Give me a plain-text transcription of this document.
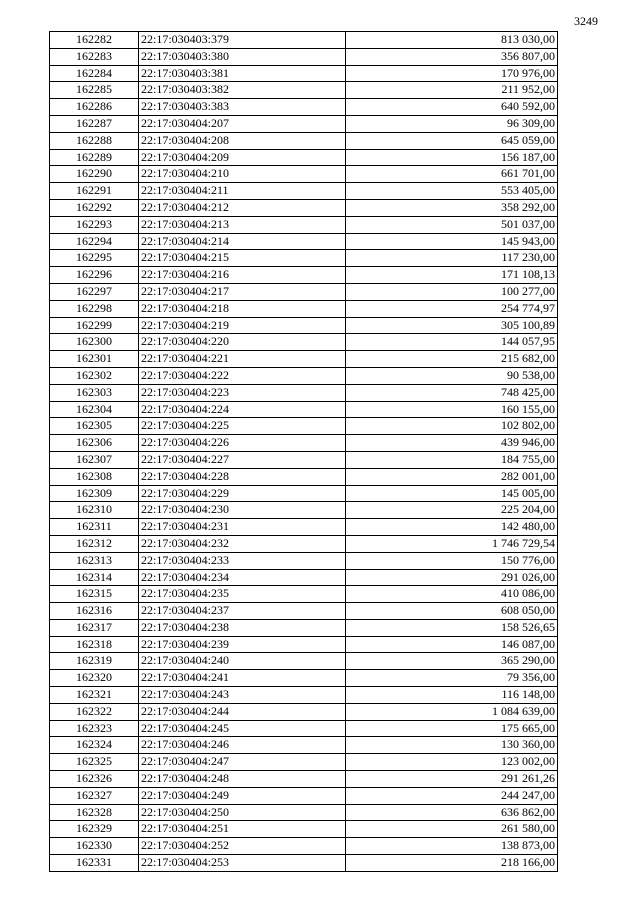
3249
162282	22:17:030403:379	813 030,00
162283	22:17:030403:380	356 807,00
162284	22:17:030403:381	170 976,00
162285	22:17:030403:382	211 952,00
162286	22:17:030403:383	640 592,00
162287	22:17:030404:207	96 309,00
162288	22:17:030404:208	645 059,00
162289	22:17:030404:209	156 187,00
162290	22:17:030404:210	661 701,00
162291	22:17:030404:211	553 405,00
162292	22:17:030404:212	358 292,00
162293	22:17:030404:213	501 037,00
162294	22:17:030404:214	145 943,00
162295	22:17:030404:215	117 230,00
162296	22:17:030404:216	171 108,13
162297	22:17:030404:217	100 277,00
162298	22:17:030404:218	254 774,97
162299	22:17:030404:219	305 100,89
162300	22:17:030404:220	144 057,95
162301	22:17:030404:221	215 682,00
162302	22:17:030404:222	90 538,00
162303	22:17:030404:223	748 425,00
162304	22:17:030404:224	160 155,00
162305	22:17:030404:225	102 802,00
162306	22:17:030404:226	439 946,00
162307	22:17:030404:227	184 755,00
162308	22:17:030404:228	282 001,00
162309	22:17:030404:229	145 005,00
162310	22:17:030404:230	225 204,00
162311	22:17:030404:231	142 480,00
162312	22:17:030404:232	1 746 729,54
162313	22:17:030404:233	150 776,00
162314	22:17:030404:234	291 026,00
162315	22:17:030404:235	410 086,00
162316	22:17:030404:237	608 050,00
162317	22:17:030404:238	158 526,65
162318	22:17:030404:239	146 087,00
162319	22:17:030404:240	365 290,00
162320	22:17:030404:241	79 356,00
162321	22:17:030404:243	116 148,00
162322	22:17:030404:244	1 084 639,00
162323	22:17:030404:245	175 665,00
162324	22:17:030404:246	130 360,00
162325	22:17:030404:247	123 002,00
162326	22:17:030404:248	291 261,26
162327	22:17:030404:249	244 247,00
162328	22:17:030404:250	636 862,00
162329	22:17:030404:251	261 580,00
162330	22:17:030404:252	138 873,00
162331	22:17:030404:253	218 166,00
